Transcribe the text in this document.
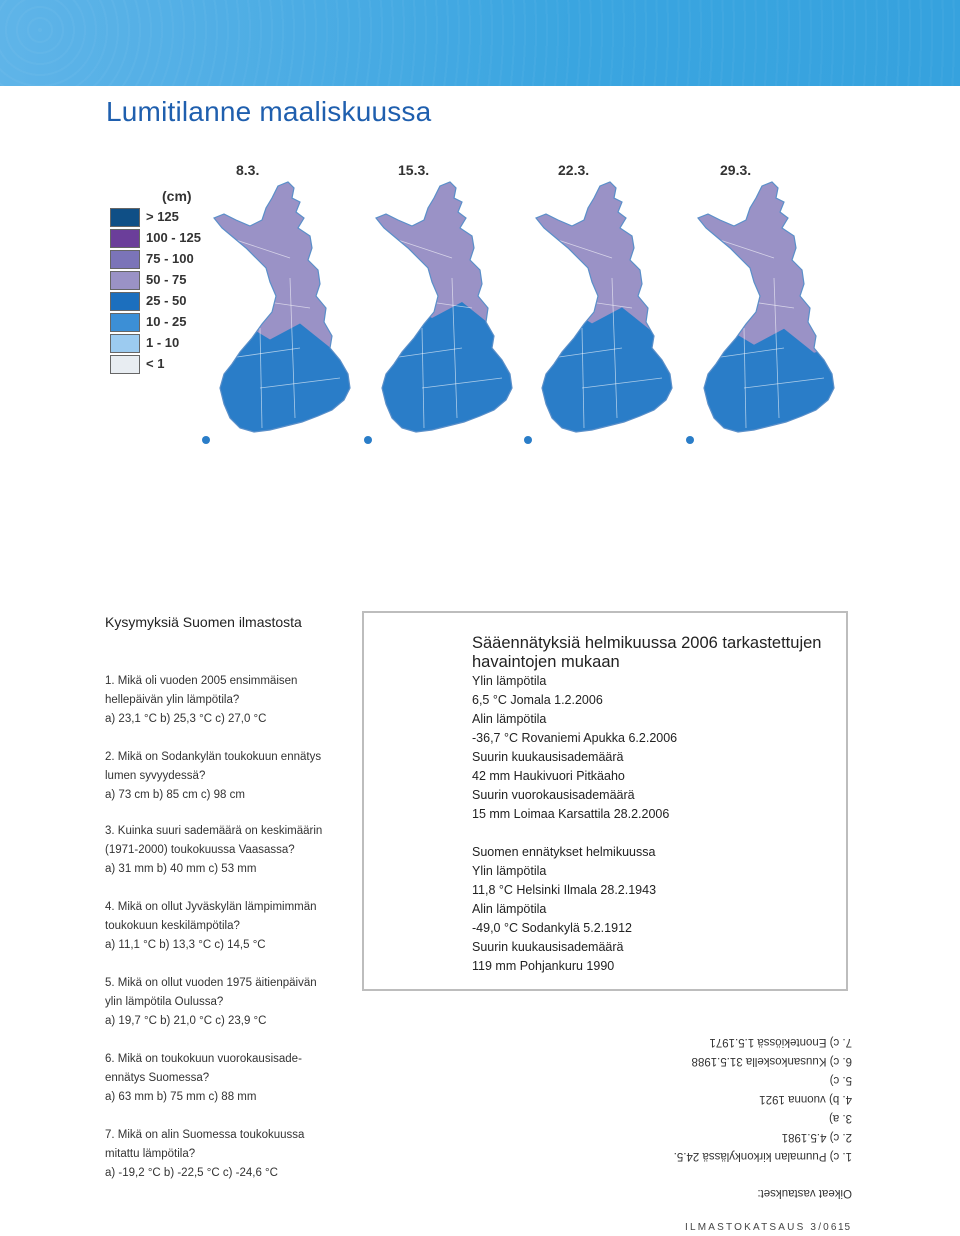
Lumitilanne maaliskuussa
(cm)
> 125
100 - 125
75 - 100
50 - 75
25 - 50
10 - 25
1 - 10
< 1
8.3.	15.3.	22.3.	29.3.
Kysymyksiä Suomen ilmastosta
1. Mikä oli vuoden 2005 ensimmäisen
hellepäivän ylin lämpötila?
a) 23,1 °C b) 25,3 °C c) 27,0 °C
2. Mikä on Sodankylän toukokuun ennätys
lumen syvyydessä?
a) 73 cm b) 85 cm c) 98 cm
3. Kuinka suuri sademäärä on keskimäärin
(1971-2000) toukokuussa Vaasassa?
a) 31 mm b) 40 mm c) 53 mm
4. Mikä on ollut Jyväskylän lämpimimmän
toukokuun keskilämpötila?
a) 11,1 °C b) 13,3 °C c) 14,5 °C
5. Mikä on ollut vuoden 1975 äitienpäivän
ylin lämpötila Oulussa?
a) 19,7 °C b) 21,0 °C c) 23,9 °C
6. Mikä on toukokuun vuorokausisade-
ennätys Suomessa?
a) 63 mm b) 75 mm c) 88 mm
7. Mikä on alin Suomessa toukokuussa
mitattu lämpötila?
a) -19,2 °C b) -22,5 °C c) -24,6 °C
Sääennätyksiä helmikuussa 2006 tarkastettujen havaintojen mukaan
Ylin lämpötila
6,5 °C Jomala 1.2.2006
Alin lämpötila
-36,7 °C Rovaniemi Apukka 6.2.2006
Suurin kuukausisademäärä
42 mm Haukivuori Pitkäaho
Suurin vuorokausisademäärä
15 mm Loimaa Karsattila 28.2.2006
Suomen ennätykset helmikuussa
Ylin lämpötila
11,8 °C Helsinki Ilmala 28.2.1943
Alin lämpötila
-49,0 °C Sodankylä 5.2.1912
Suurin kuukausisademäärä
119 mm Pohjankuru 1990
Oikeat vastaukset:
1. c) Puumalan kirkonkylässä 24.5.
2. c) 4.5.1981
3. a)
4. b) vuonna 1921
5. c)
6. c) Kuusankoskella 31.5.1988
7. c) Enontekiössä 1.5.1971
ILMASTOKATSAUS 3/06 15
